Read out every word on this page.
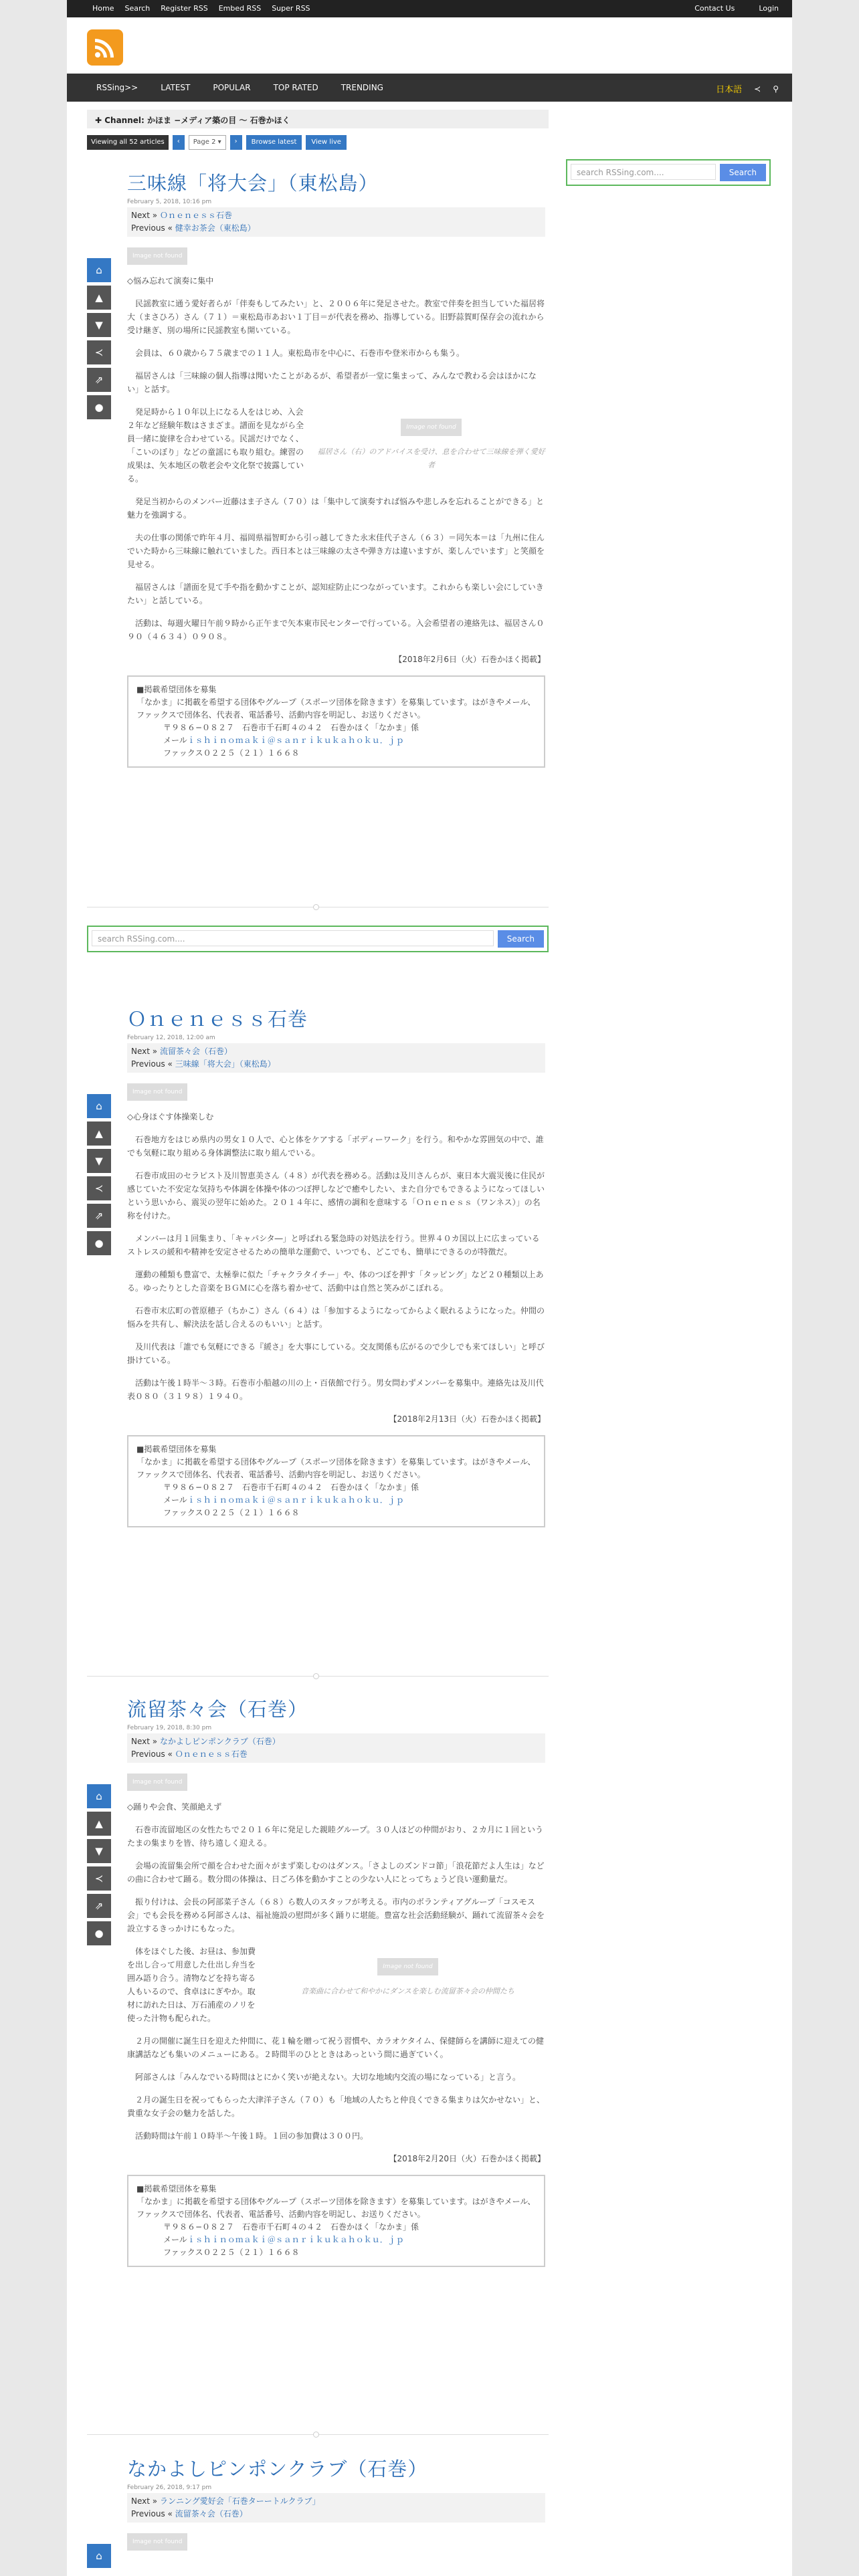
Home Search Register RSS Embed RSS Super RSS	Contact Us	Login
RSSing>>	LATEST	POPULAR	TOP RATED	TRENDING	日本語 ≺ ⚲
✚ Channel: かほま −メディア築の目 〜 石巻かほく
Viewing all 52 articles	‹	Page 2 ▾	›	Browse latest	View live
search RSSing.com....	Search
三味線「将大会」（東松島）
February 5, 2018, 10:16 pm
Next » Ｏｎｅｎｅｓｓ石巻
Previous « 健幸お茶会（東松島）
⌂
▲
▼
≺
⇗
●
Image not found

◇悩み忘れて演奏に集中

民謡教室に通う愛好者らが「伴奏もしてみたい」と、２００６年に発足させた。教室で伴奏を担当していた福居将大（まさひろ）さん（７１）＝東松島市あおい１丁目＝が代表を務め、指導している。旧野蒜賀町保存会の流れから受け継ぎ、別の場所に民謡教室も開いている。

会員は、６０歳から７５歳までの１１人。東松島市を中心に、石巻市や登米市からも集う。

福居さんは「三味線の個人指導は聞いたことがあるが、希望者が一堂に集まって、みんなで教わる会はほかにない」と話す。

発足時から１０年以上になる人をはじめ、入会２年など経験年数はさまざま。譜面を見ながら全員一緒に旋律を合わせている。民謡だけでなく、「こいのぼり」などの童謡にも取り組む。練習の成果は、矢本地区の敬老会や文化祭で披露している。

Image not found
福居さん（右）のアドバイスを受け、息を合わせて三味線を弾く愛好者

発足当初からのメンバー近藤はま子さん（７０）は「集中して演奏すれば悩みや悲しみを忘れることができる」と魅力を強調する。

夫の仕事の関係で昨年４月、福岡県福智町から引っ越してきた永末佳代子さん（６３）＝同矢本＝は「九州に住んでいた時から三味線に触れていました。西日本とは三味線の太さや弾き方は違いますが、楽しんでいます」と笑顔を見せる。

福居さんは「譜面を見て手や指を動かすことが、認知症防止につながっています。これからも楽しい会にしていきたい」と話している。

活動は、毎週火曜日午前９時から正午まで矢本東市民センターで行っている。入会希望者の連絡先は、福居さん０９０（４６３４）０９０８。

【2018年2月6日（火）石巻かほく掲載】
■掲載希望団体を募集
「なかま」に掲載を希望する団体やグループ（スポーツ団体を除きます）を募集しています。はがきやメール、ファックスで団体名、代表者、電話番号、活動内容を明記し、お送りください。
〒９８６−０８２７　石巻市千石町４の４２　石巻かほく「なかま」係
メールｉｓｈｉｎｏｍａｋｉ＠ｓａｎｒｉｋｕｋａｈｏｋｕ．ｊｐ
ファックス０２２５（２１）１６６８
search RSSing.com....	Search
Ｏｎｅｎｅｓｓ石巻
February 12, 2018, 12:00 am
Next » 流留茶々会（石巻）
Previous « 三味線「将大会」（東松島）
⌂
▲
▼
≺
⇗
●
Image not found

◇心身ほぐす体操楽しむ

石巻地方をはじめ県内の男女１０人で、心と体をケアする「ボディーワーク」を行う。和やかな雰囲気の中で、誰でも気軽に取り組める身体調整法に取り組んでいる。

石巻市成田のセラピスト及川智恵美さん（４８）が代表を務める。活動は及川さんらが、東日本大震災後に住民が感じていた不安定な気持ちや体調を体操や体のつぼ押しなどで癒やしたい、また自分でもできるようになってほしいという思いから、震災の翌年に始めた。２０１４年に、感情の調和を意味する「Ｏｎｅｎｅｓｓ（ワンネス）」の名称を付けた。

メンバーは月１回集まり、「キャパシタ―」と呼ばれる緊急時の対処法を行う。世界４０カ国以上に広まっているストレスの緩和や精神を安定させるための簡単な運動で、いつでも、どこでも、簡単にできるのが特徴だ。

運動の種類も豊富で、太極拳に似た「チャクラタイチー」や、体のつぼを押す「タッピング」など２０種類以上ある。ゆったりとした音楽をＢＧＭに心を落ち着かせて、活動中は自然と笑みがこぼれる。

石巻市末広町の菅原穂子（ちかこ）さん（６４）は「参加するようになってからよく眠れるようになった。仲間の悩みを共有し、解決法を話し合えるのもいい」と話す。

及川代表は「誰でも気軽にできる『緩さ』を大事にしている。交友関係も広がるので少しでも来てほしい」と呼び掛けている。

活動は午後１時半〜３時。石巻市小船越の川の上・百俵館で行う。男女問わずメンバーを募集中。連絡先は及川代表０８０（３１９８）１９４０。

【2018年2月13日（火）石巻かほく掲載】
■掲載希望団体を募集
「なかま」に掲載を希望する団体やグループ（スポーツ団体を除きます）を募集しています。はがきやメール、ファックスで団体名、代表者、電話番号、活動内容を明記し、お送りください。
〒９８６−０８２７　石巻市千石町４の４２　石巻かほく「なかま」係
メールｉｓｈｉｎｏｍａｋｉ＠ｓａｎｒｉｋｕｋａｈｏｋｕ．ｊｐ
ファックス０２２５（２１）１６６８
流留茶々会（石巻）
February 19, 2018, 8:30 pm
Next » なかよしピンポンクラブ（石巻）
Previous « Ｏｎｅｎｅｓｓ石巻
⌂
▲
▼
≺
⇗
●
Image not found

◇踊りや会食、笑顔絶えず

石巻市流留地区の女性たちで２０１６年に発足した親睦グループ。３０人ほどの仲間がおり、２カ月に１回というたまの集まりを皆、待ち遠しく迎える。

会場の流留集会所で顔を合わせた面々がまず楽しむのはダンス。「さよしのズンドコ節」「浪花節だよ人生は」などの曲に合わせて踊る。数分間の体操は、日ごろ体を動かすことの少ない人にとってちょうど良い運動量だ。

振り付けは、会長の阿部菜子さん（６８）ら数人のスタッフが考える。市内のボランティアグループ「コスモス会」でも会長を務める阿部さんは、福祉施設の慰問が多く踊りに堪能。豊富な社会活動経験が、踊れて流留茶々会を設立するきっかけにもなった。

体をほぐした後、お昼は、参加費を出し合って用意した仕出し弁当を囲み語り合う。清物などを持ち寄る人もいるので、食卓はにぎやか。取材に訪れた日は、万石浦産のノリを使った汁物も配られた。

Image not found
音楽曲に合わせて和やかにダンスを楽しむ流留茶々会の仲間たち

２月の開催に誕生日を迎えた仲間に、花１輪を贈って祝う習慣や、カラオケタイム、保健師らを講師に迎えての健康講話なども集いのメニューにある。２時間半のひとときはあっという間に過ぎていく。

阿部さんは「みんなでいる時間はとにかく笑いが絶えない。大切な地域内交流の場になっている」と言う。

２月の誕生日を祝ってもらった大津洋子さん（７０）も「地域の人たちと仲良くできる集まりは欠かせない」と、貴重な女子会の魅力を話した。

活動時間は午前１０時半〜午後１時。１回の参加費は３００円。

【2018年2月20日（火）石巻かほく掲載】
■掲載希望団体を募集
「なかま」に掲載を希望する団体やグループ（スポーツ団体を除きます）を募集しています。はがきやメール、ファックスで団体名、代表者、電話番号、活動内容を明記し、お送りください。
〒９８６−０８２７　石巻市千石町４の４２　石巻かほく「なかま」係
メールｉｓｈｉｎｏｍａｋｉ＠ｓａｎｒｉｋｕｋａｈｏｋｕ．ｊｐ
ファックス０２２５（２１）１６６８
なかよしピンポンクラブ（石巻）
February 26, 2018, 9:17 pm
Next » ランニング愛好会「石巻ターートルクラブ」
Previous « 流留茶々会（石巻）
⌂
Image not found
